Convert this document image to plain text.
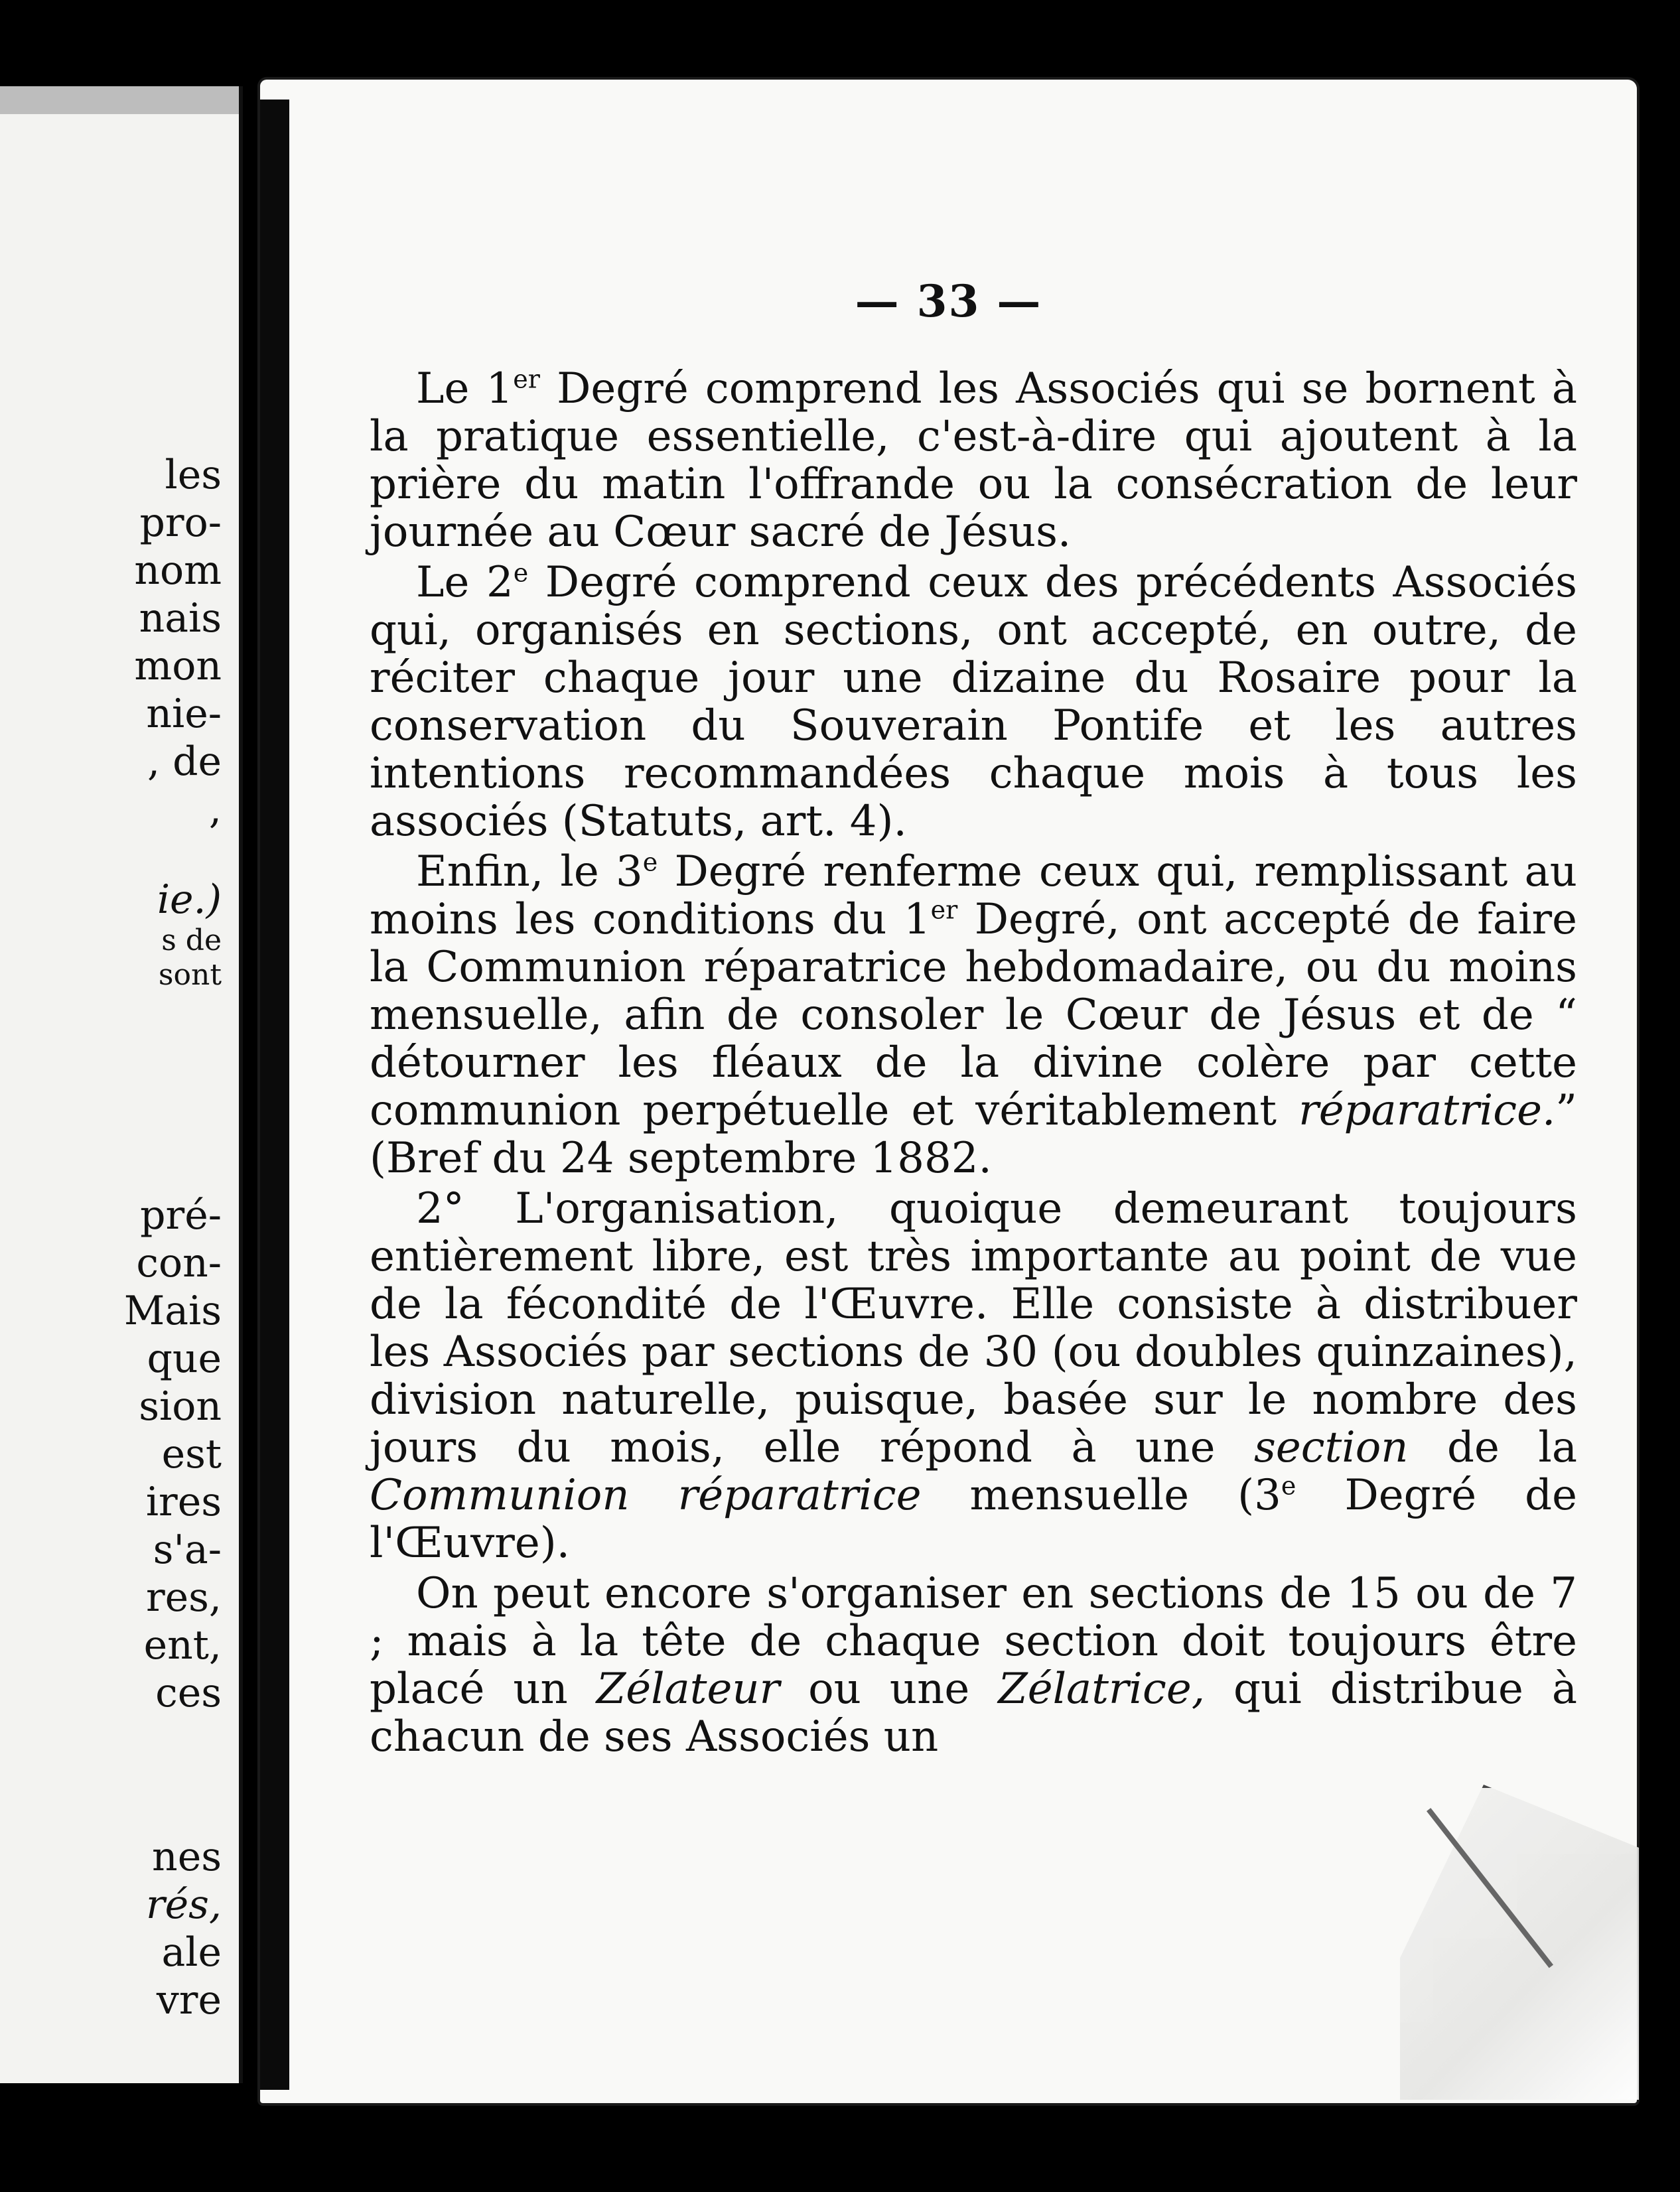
les
pro-
nom
nais
mon
nie-
, de
,
ie.)
s de
sont
pré-
con-
Mais
que
sion
est
ires
s'a-
res,
ent,
ces
nes
rés,
ale
vre
— 33 —

Le 1er Degré comprend les Associés qui se bornent à la pratique essentielle, c'est-à-dire qui ajoutent à la prière du matin l'offrande ou la consécration de leur journée au Cœur sacré de Jésus.

Le 2e Degré comprend ceux des précédents Associés qui, organisés en sections, ont accepté, en outre, de réciter chaque jour une dizaine du Rosaire pour la conservation du Souverain Pontife et les autres intentions recommandées chaque mois à tous les associés (Statuts, art. 4).

Enfin, le 3e Degré renferme ceux qui, remplissant au moins les conditions du 1er Degré, ont accepté de faire la Communion réparatrice hebdomadaire, ou du moins mensuelle, afin de consoler le Cœur de Jésus et de “ détourner les fléaux de la divine colère par cette communion perpétuelle et véritablement réparatrice.” (Bref du 24 septembre 1882.

2° L'organisation, quoique demeurant toujours entièrement libre, est très importante au point de vue de la fécondité de l'Œuvre. Elle consiste à distribuer les Associés par sections de 30 (ou doubles quinzaines), division naturelle, puisque, basée sur le nombre des jours du mois, elle répond à une section de la Communion réparatrice mensuelle (3e Degré de l'Œuvre).

On peut encore s'organiser en sections de 15 ou de 7 ; mais à la tête de chaque section doit toujours être placé un Zélateur ou une Zélatrice, qui distribue à chacun de ses Associés un
